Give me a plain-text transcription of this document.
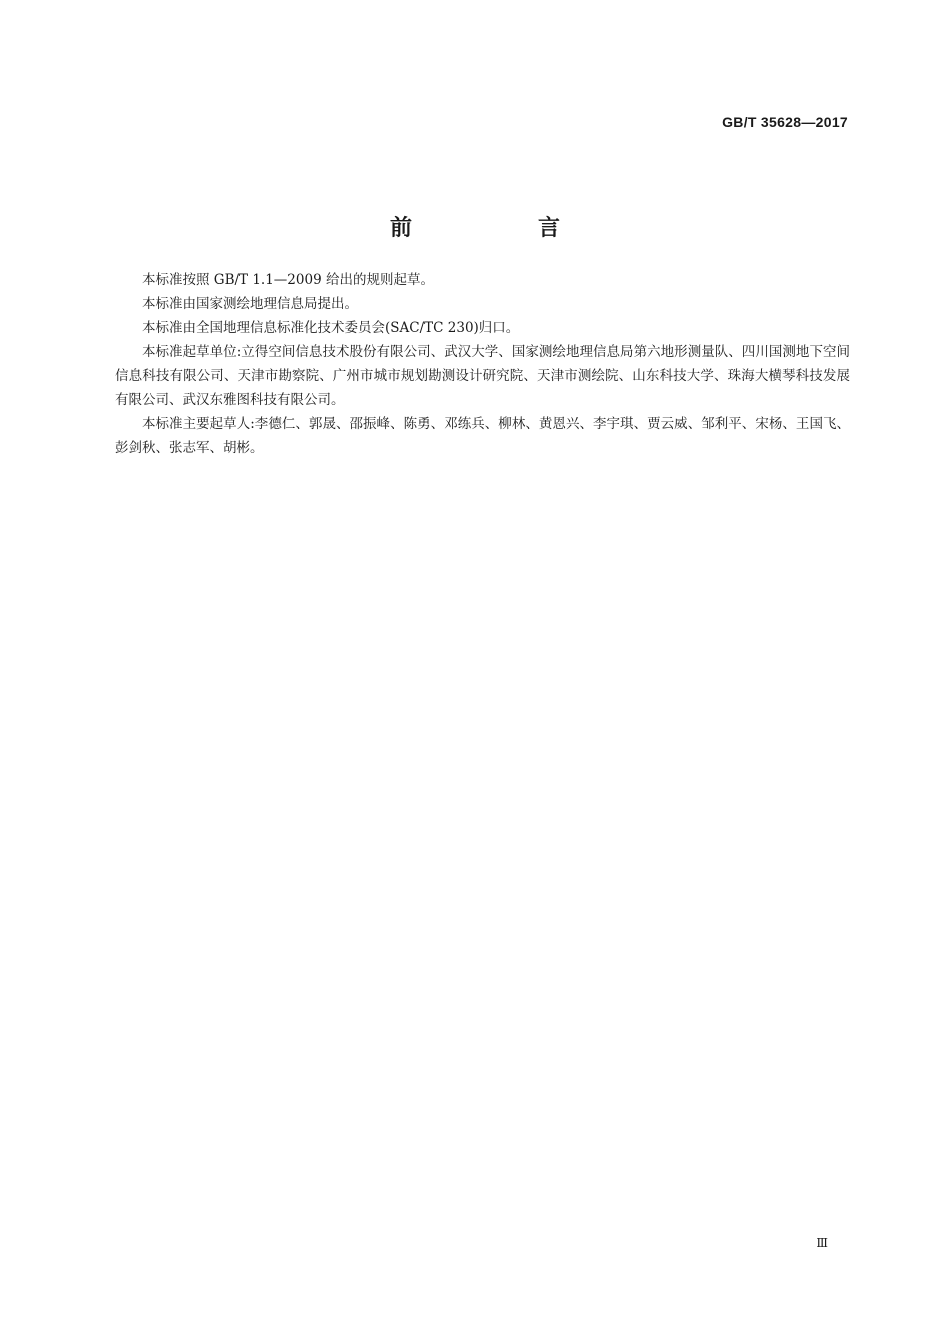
GB/T 35628—2017
前　言

本标准按照 GB/T 1.1—2009 给出的规则起草。

本标准由国家测绘地理信息局提出。

本标准由全国地理信息标准化技术委员会(SAC/TC 230)归口。

本标准起草单位:立得空间信息技术股份有限公司、武汉大学、国家测绘地理信息局第六地形测量队、四川国测地下空间信息科技有限公司、天津市勘察院、广州市城市规划勘测设计研究院、天津市测绘院、山东科技大学、珠海大横琴科技发展有限公司、武汉东雅图科技有限公司。

本标准主要起草人:李德仁、郭晟、邵振峰、陈勇、邓练兵、柳林、黄恩兴、李宇琪、贾云威、邹利平、宋杨、王国飞、彭剑秋、张志军、胡彬。

Ⅲ
